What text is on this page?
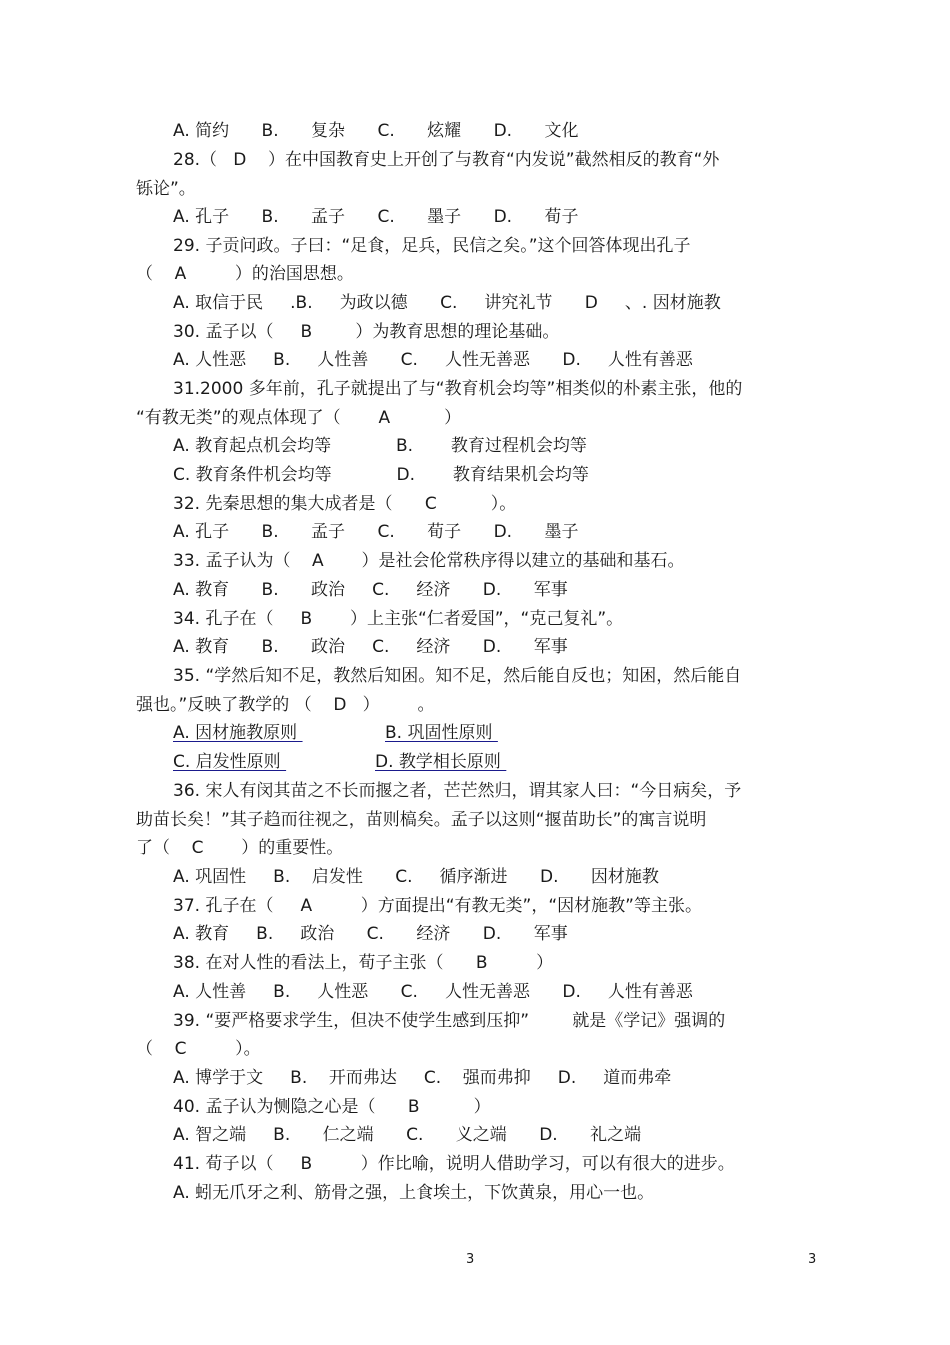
A. 简约      B.      复杂      C.      炫耀      D.      文化
28.（   D    ）在中国教育史上开创了与教育“内发说”截然相反的教育“外
铄论”。
A. 孔子      B.      孟子      C.      墨子      D.      荀子
29. 子贡问政。子曰：“足食，足兵，民信之矣。”这个回答体现出孔子
（    A         ）的治国思想。
A. 取信于民     .B.     为政以德      C.     讲究礼节      D     、. 因材施教
30. 孟子以（     B        ）为教育思想的理论基础。
A. 人性恶     B.     人性善      C.     人性无善恶      D.     人性有善恶
31.2000 多年前，孔子就提出了与“教育机会均等”相类似的朴素主张，他的
“有教无类”的观点体现了（       A          ）
A. 教育起点机会均等            B.       教育过程机会均等
C. 教育条件机会均等            D.       教育结果机会均等
32. 先秦思想的集大成者是（      C          ）。
A. 孔子      B.      孟子      C.      荀子      D.      墨子
33. 孟子认为（    A       ）是社会伦常秩序得以建立的基础和基石。
A. 教育      B.      政治     C.     经济      D.      军事
34. 孔子在（     B       ）上主张“仁者爱国”，“克己复礼”。
A. 教育      B.      政治     C.     经济      D.      军事
35. “学然后知不足，教然后知困。知不足，然后能自反也；知困，然后能自
强也。”反映了教学的 （    D   ）       。
A. 因材施教原则	B. 巩固性原则
C. 启发性原则	D. 教学相长原则
36. 宋人有闵其苗之不长而揠之者，芒芒然归，谓其家人曰：“今日病矣，予
助苗长矣！”其子趋而往视之，苗则槁矣。孟子以这则“揠苗助长”的寓言说明
了（    C       ）的重要性。
A. 巩固性     B.    启发性      C.     循序渐进      D.      因材施教
37. 孔子在（     A         ）方面提出“有教无类”，“因材施教”等主张。
A. 教育     B.     政治      C.      经济      D.      军事
38. 在对人性的看法上，荀子主张（      B         ）
A. 人性善     B.     人性恶      C.     人性无善恶      D.     人性有善恶
39. “要严格要求学生，但决不使学生感到压抑”        就是《学记》强调的
（    C         ）。
A. 博学于文     B.    开而弗达     C.    强而弗抑     D.     道而弗牵
40. 孟子认为恻隐之心是（      B          ）
A. 智之端     B.      仁之端      C.      义之端      D.      礼之端
41. 荀子以（     B         ）作比喻，说明人借助学习，可以有很大的进步。
A. 蚓无爪牙之利、筋骨之强，上食埃土，下饮黄泉，用心一也。
3	3
